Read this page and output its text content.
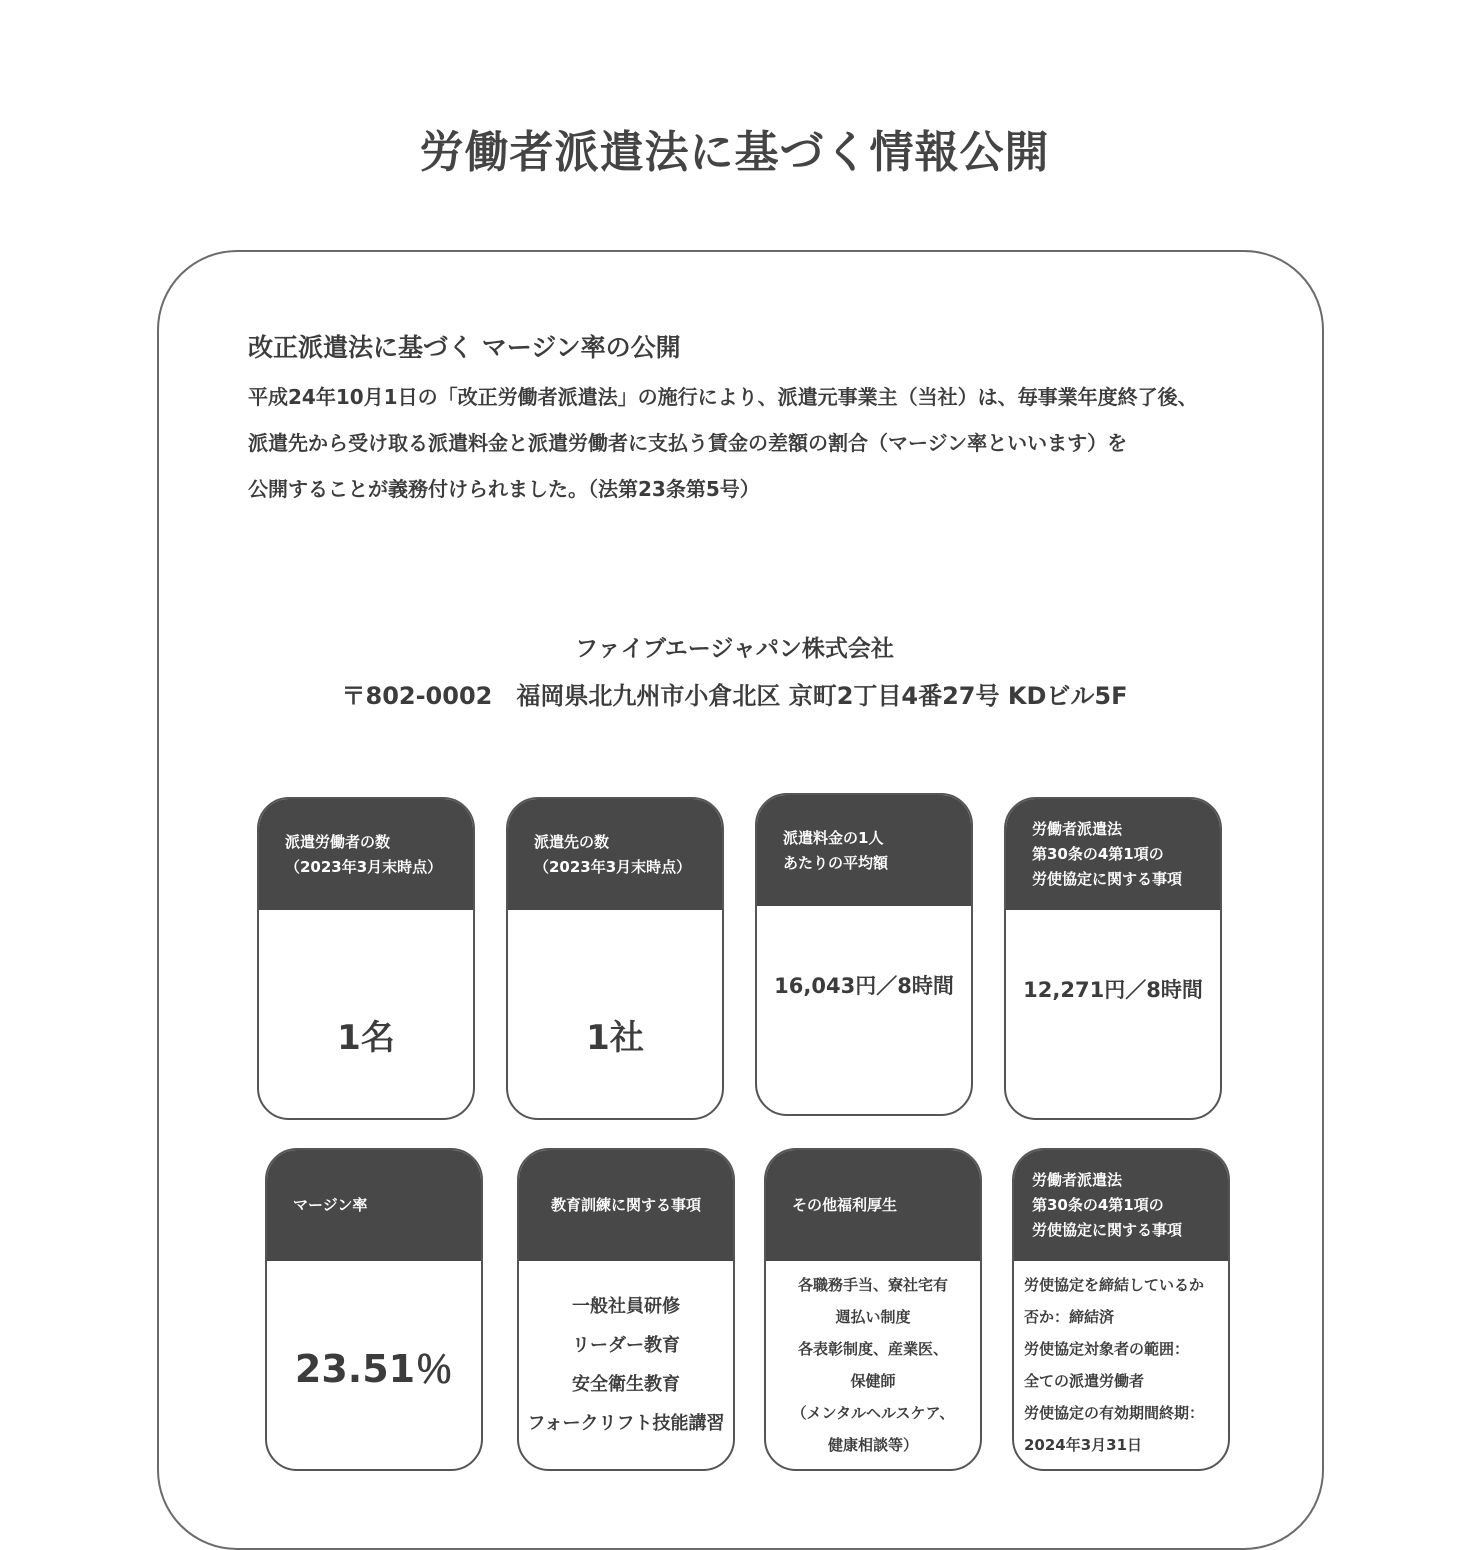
労働者派遣法に基づく情報公開
改正派遣法に基づく マージン率の公開
平成24年10月1日の「改正労働者派遣法」の施行により、派遣元事業主（当社）は、毎事業年度終了後、
派遣先から受け取る派遣料金と派遣労働者に支払う賃金の差額の割合（マージン率といいます）を
公開することが義務付けられました。（法第23条第5号）
ファイブエージャパン株式会社
〒802-0002　福岡県北九州市小倉北区 京町2丁目4番27号 KDビル5F
派遣労働者の数
（2023年3月末時点）
1名
派遣先の数
（2023年3月末時点）
1社
派遣料金の1人
あたりの平均額
16,043円／8時間
労働者派遣法
第30条の4第1項の
労使協定に関する事項
12,271円／8時間
マージン率
23.51％
教育訓練に関する事項
一般社員研修
リーダー教育
安全衛生教育
フォークリフト技能講習
その他福利厚生
各職務手当、寮社宅有
週払い制度
各表彰制度、産業医、
保健師
（メンタルヘルスケア、
健康相談等）
労働者派遣法
第30条の4第1項の
労使協定に関する事項
労使協定を締結しているか
否か：締結済
労使協定対象者の範囲：
全ての派遣労働者
労使協定の有効期間終期：
2024年3月31日
